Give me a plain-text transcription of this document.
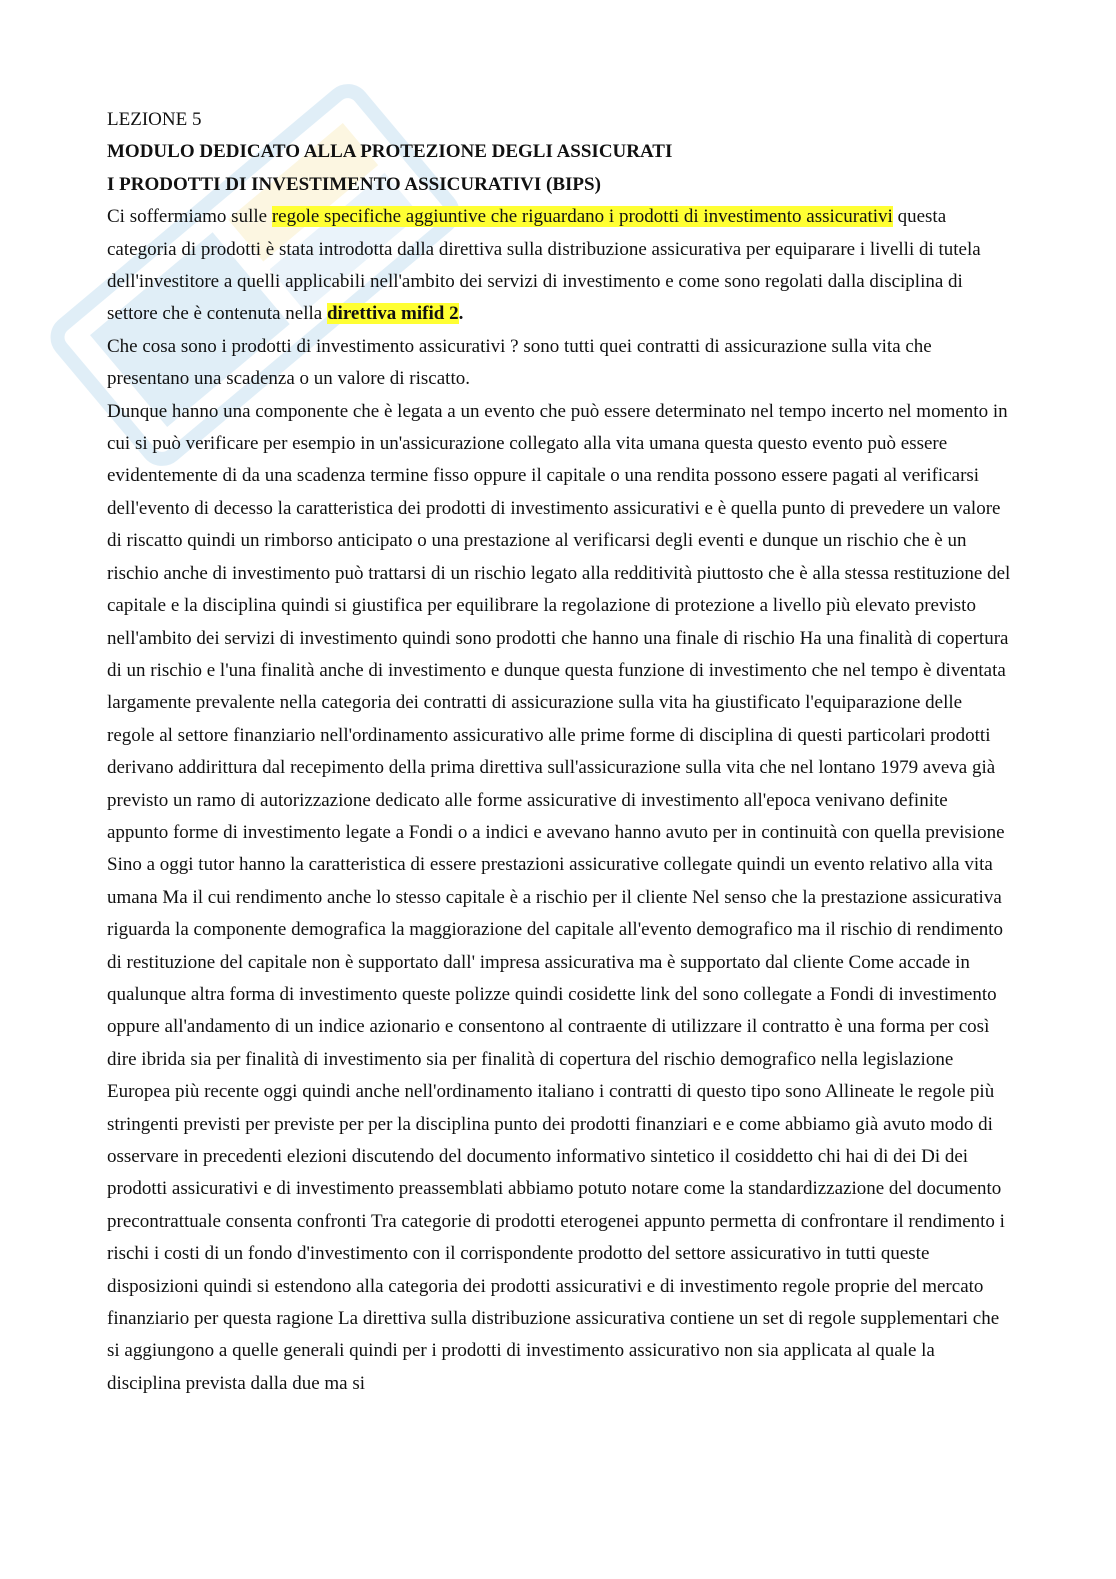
LEZIONE 5

MODULO DEDICATO ALLA PROTEZIONE DEGLI ASSICURATI

I PRODOTTI DI INVESTIMENTO ASSICURATIVI (BIPS)

Ci soffermiamo sulle regole specifiche aggiuntive che riguardano i prodotti di investimento assicurativi questa categoria di prodotti è stata introdotta dalla direttiva sulla distribuzione assicurativa per equiparare i livelli di tutela dell'investitore a quelli applicabili nell'ambito dei servizi di investimento e come sono regolati dalla disciplina di settore che è contenuta nella direttiva mifid 2.

Che cosa sono i prodotti di investimento assicurativi ? sono tutti quei contratti di assicurazione sulla vita che presentano una scadenza o un valore di riscatto.

Dunque hanno una componente che è legata a un evento che può essere determinato nel tempo incerto nel momento in cui si può verificare per esempio in un'assicurazione collegato alla vita umana questa questo evento può essere evidentemente di da una scadenza termine fisso oppure il capitale o una rendita possono essere pagati al verificarsi dell'evento di decesso la caratteristica dei prodotti di investimento assicurativi e è quella punto di prevedere un valore di riscatto quindi un rimborso anticipato o una prestazione al verificarsi degli eventi e dunque un rischio che è un rischio anche di investimento può trattarsi di un rischio legato alla redditività piuttosto che è alla stessa restituzione del capitale e la disciplina quindi si giustifica per equilibrare la regolazione di protezione a livello più elevato previsto nell'ambito dei servizi di investimento quindi sono prodotti che hanno una finale di rischio Ha una finalità di copertura di un rischio e l'una finalità anche di investimento e dunque questa funzione di investimento che nel tempo è diventata largamente prevalente nella categoria dei contratti di assicurazione sulla vita ha giustificato l'equiparazione delle regole al settore finanziario nell'ordinamento assicurativo alle prime forme di disciplina di questi particolari prodotti derivano addirittura dal recepimento della prima direttiva sull'assicurazione sulla vita che nel lontano 1979 aveva già previsto un ramo di autorizzazione dedicato alle forme assicurative di investimento all'epoca venivano definite appunto forme di investimento legate a Fondi o a indici e avevano hanno avuto per in continuità con quella previsione Sino a oggi tutor hanno la caratteristica di essere prestazioni assicurative collegate quindi un evento relativo alla vita umana Ma il cui rendimento anche lo stesso capitale è a rischio per il cliente Nel senso che la prestazione assicurativa riguarda la componente demografica la maggiorazione del capitale all'evento demografico ma il rischio di rendimento di restituzione del capitale non è supportato dall' impresa assicurativa ma è supportato dal cliente Come accade in qualunque altra forma di investimento queste polizze quindi cosidette link del sono collegate a Fondi di investimento oppure all'andamento di un indice azionario e consentono al contraente di utilizzare il contratto è una forma per così dire ibrida sia per finalità di investimento sia per finalità di copertura del rischio demografico nella legislazione Europea più recente oggi quindi anche nell'ordinamento italiano i contratti di questo tipo sono Allineate le regole più stringenti previsti per previste per per la disciplina punto dei prodotti finanziari e e come abbiamo già avuto modo di osservare in precedenti elezioni discutendo del documento informativo sintetico il cosiddetto chi hai di dei Di dei prodotti assicurativi e di investimento preassemblati abbiamo potuto notare come la standardizzazione del documento precontrattuale consenta confronti Tra categorie di prodotti eterogenei appunto permetta di confrontare il rendimento i rischi i costi di un fondo d'investimento con il corrispondente prodotto del settore assicurativo in tutti queste disposizioni quindi si estendono alla categoria dei prodotti assicurativi e di investimento regole proprie del mercato finanziario per questa ragione La direttiva sulla distribuzione assicurativa contiene un set di regole supplementari che si aggiungono a quelle generali quindi per i prodotti di investimento assicurativo non sia applicata al quale la disciplina prevista dalla due ma si
